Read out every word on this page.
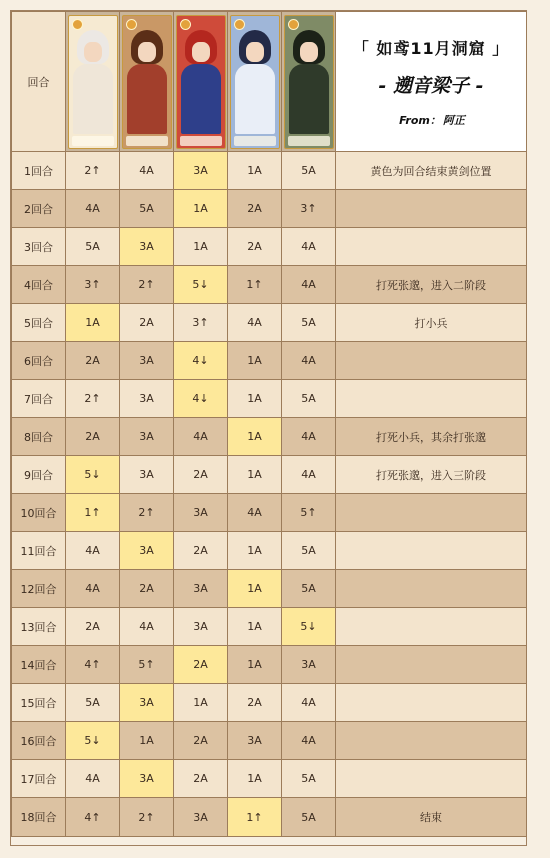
回合						「 如鸢11月洞窟 」
- 遡音梁子 -
From： 阿正

1回合	2↑	4A	3A	1A	5A	黄色为回合结束黄剑位置
2回合	4A	5A	1A	2A	3↑	
3回合	5A	3A	1A	2A	4A	
4回合	3↑	2↑	5↓	1↑	4A	打死张邈，进入二阶段
5回合	1A	2A	3↑	4A	5A	打小兵
6回合	2A	3A	4↓	1A	4A	
7回合	2↑	3A	4↓	1A	5A	
8回合	2A	3A	4A	1A	4A	打死小兵，其余打张邈
9回合	5↓	3A	2A	1A	4A	打死张邈，进入三阶段
10回合	1↑	2↑	3A	4A	5↑	
11回合	4A	3A	2A	1A	5A	
12回合	4A	2A	3A	1A	5A	
13回合	2A	4A	3A	1A	5↓	
14回合	4↑	5↑	2A	1A	3A	
15回合	5A	3A	1A	2A	4A	
16回合	5↓	1A	2A	3A	4A	
17回合	4A	3A	2A	1A	5A	
18回合	4↑	2↑	3A	1↑	5A	结束
